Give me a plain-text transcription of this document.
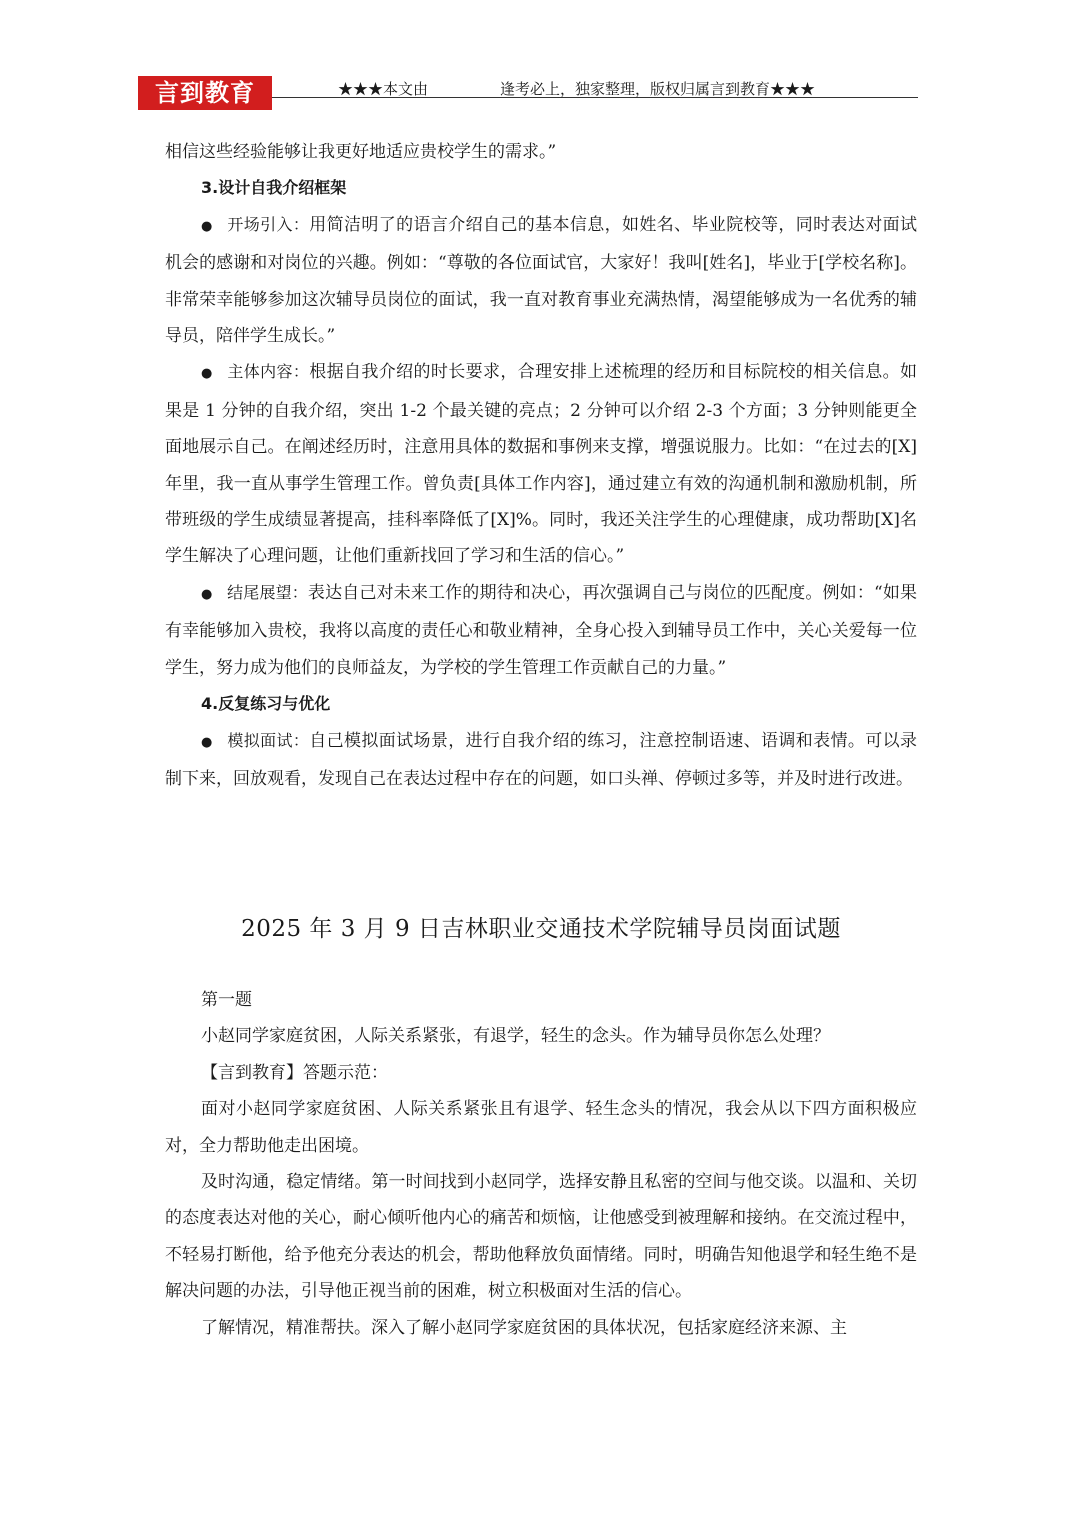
言到教育	★★★本文由	逢考必上，独家整理，版权归属言到教育★★★

相信这些经验能够让我更好地适应贵校学生的需求。”

3.设计自我介绍框架

● 开场引入：用简洁明了的语言介绍自己的基本信息，如姓名、毕业院校等，同时表达对面试机会的感谢和对岗位的兴趣。例如：“尊敬的各位面试官，大家好！我叫[姓名]，毕业于[学校名称]。非常荣幸能够参加这次辅导员岗位的面试，我一直对教育事业充满热情，渴望能够成为一名优秀的辅导员，陪伴学生成长。”

● 主体内容：根据自我介绍的时长要求，合理安排上述梳理的经历和目标院校的相关信息。如果是 1 分钟的自我介绍，突出 1-2 个最关键的亮点；2 分钟可以介绍 2-3 个方面；3 分钟则能更全面地展示自己。在阐述经历时，注意用具体的数据和事例来支撑，增强说服力。比如：“在过去的[X]年里，我一直从事学生管理工作。曾负责[具体工作内容]，通过建立有效的沟通机制和激励机制，所带班级的学生成绩显著提高，挂科率降低了[X]%。同时，我还关注学生的心理健康，成功帮助[X]名学生解决了心理问题，让他们重新找回了学习和生活的信心。”

● 结尾展望：表达自己对未来工作的期待和决心，再次强调自己与岗位的匹配度。例如：“如果有幸能够加入贵校，我将以高度的责任心和敬业精神，全身心投入到辅导员工作中，关心关爱每一位学生，努力成为他们的良师益友，为学校的学生管理工作贡献自己的力量。”

4.反复练习与优化

● 模拟面试：自己模拟面试场景，进行自我介绍的练习，注意控制语速、语调和表情。可以录制下来，回放观看，发现自己在表达过程中存在的问题，如口头禅、停顿过多等，并及时进行改进。

2025 年 3 月 9 日吉林职业交通技术学院辅导员岗面试题

第一题

小赵同学家庭贫困，人际关系紧张，有退学，轻生的念头。作为辅导员你怎么处理？

【言到教育】答题示范：

面对小赵同学家庭贫困、人际关系紧张且有退学、轻生念头的情况，我会从以下四方面积极应对，全力帮助他走出困境。

及时沟通，稳定情绪。第一时间找到小赵同学，选择安静且私密的空间与他交谈。以温和、关切的态度表达对他的关心，耐心倾听他内心的痛苦和烦恼，让他感受到被理解和接纳。在交流过程中，不轻易打断他，给予他充分表达的机会，帮助他释放负面情绪。同时，明确告知他退学和轻生绝不是解决问题的办法，引导他正视当前的困难，树立积极面对生活的信心。

了解情况，精准帮扶。深入了解小赵同学家庭贫困的具体状况，包括家庭经济来源、主
